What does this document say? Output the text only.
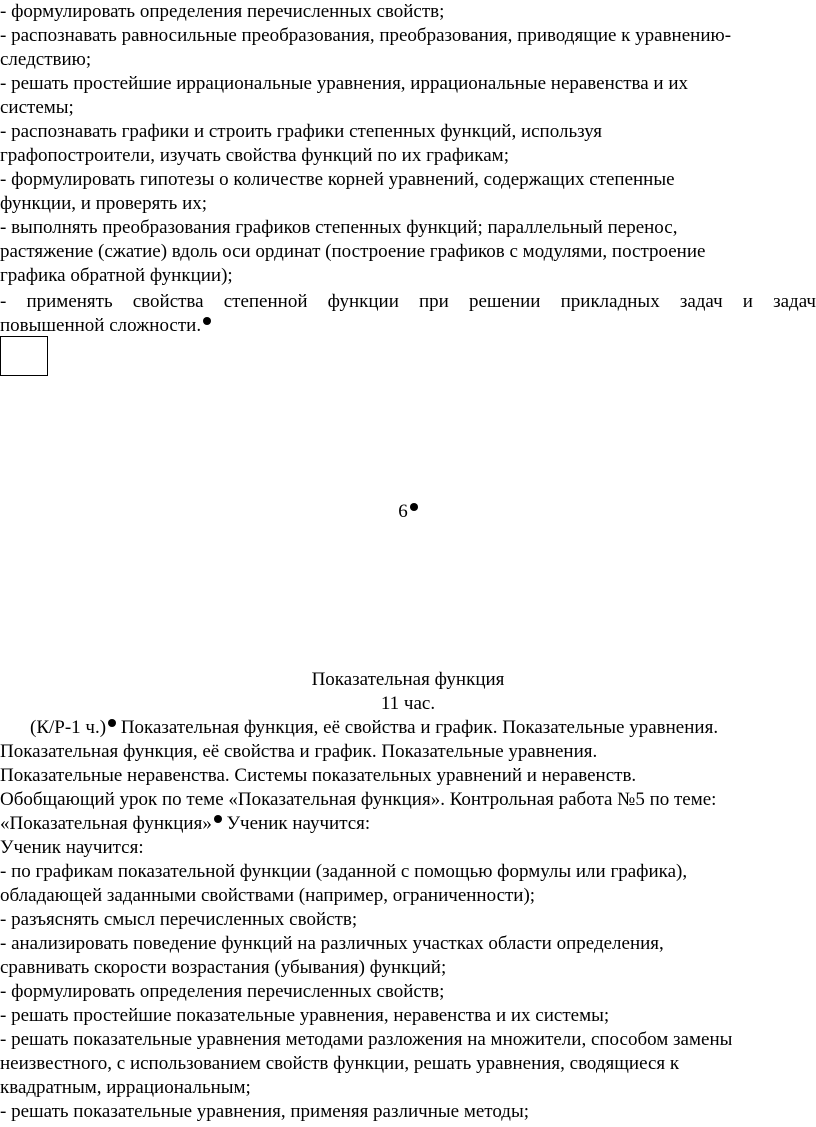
- формулировать определения перечисленных свойств;
- распознавать равносильные преобразования, преобразования, приводящие к уравнению-
следствию;
- решать простейшие иррациональные уравнения, иррациональные неравенства и их
системы;
- распознавать графики и строить графики степенных функций, используя
графопостроители, изучать свойства функций по их графикам;
- формулировать гипотезы о количестве корней уравнений, содержащих степенные
функции, и проверять их;
- выполнять преобразования графиков степенных функций; параллельный перенос,
растяжение (сжатие) вдоль оси ординат (построение графиков с модулями, построение
графика обратной функции);
- применять свойства степенной функции при решении прикладных задач и задач
повышенной сложности.
6
Показательная функция
11 час.
(К/Р-1 ч.) Показательная функция, её свойства и график. Показательные уравнения.
Показательная функция, её свойства и график. Показательные уравнения.
Показательные неравенства. Системы показательных уравнений и неравенств.
Обобщающий урок по теме «Показательная функция». Контрольная работа №5 по теме:
«Показательная функция» Ученик научится:
Ученик научится:
- по графикам показательной функции (заданной с помощью формулы или графика),
обладающей заданными свойствами (например, ограниченности);
- разъяснять смысл перечисленных свойств;
- анализировать поведение функций на различных участках области определения,
сравнивать скорости возрастания (убывания) функций;
- формулировать определения перечисленных свойств;
- решать простейшие показательные уравнения, неравенства и их системы;
- решать показательные уравнения методами разложения на множители, способом замены
неизвестного, с использованием свойств функции, решать уравнения, сводящиеся к
квадратным, иррациональным;
- решать показательные уравнения, применяя различные методы;
